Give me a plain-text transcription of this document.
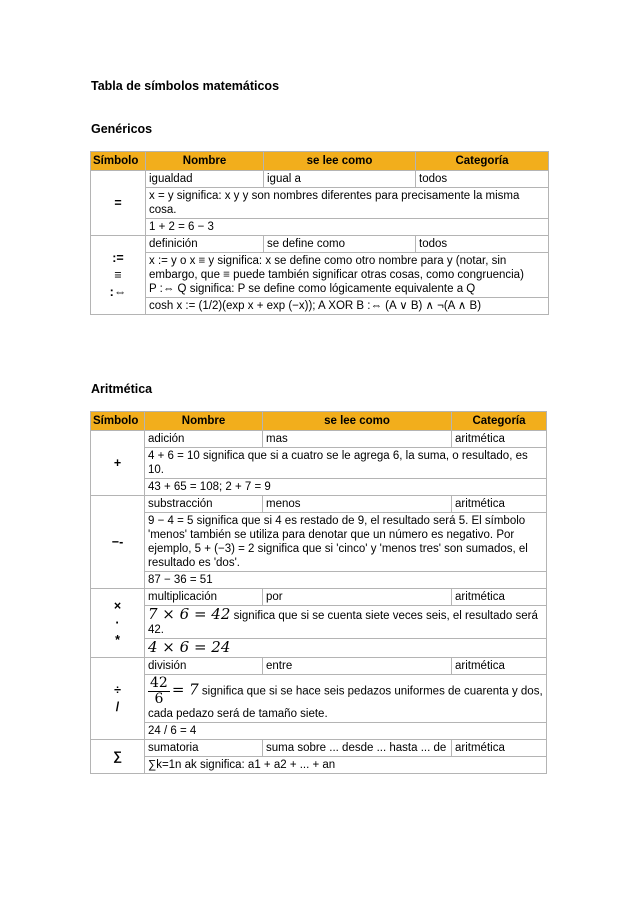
Tabla de símbolos matemáticos
Genéricos
Símbolo	Nombre	se lee como	Categoría
=	igualdad	igual a	todos
	x = y significa: x y y son nombres diferentes para precisamente la misma cosa.		
	1 + 2 = 6 − 3		

:=
≡
:⇔	definición	se define como	todos

	x := y o x ≡ y significa: x se define como otro nombre para y (notar, sin embargo, que ≡ puede también significar otras cosas, como congruencia)
P :⇔ Q significa: P se define como lógicamente equivalente a Q		

	cosh x := (1/2)(exp x + exp (−x)); A XOR B :⇔ (A ∨ B) ∧ ¬(A ∧ B)		
Aritmética
Símbolo	Nombre	se lee como	Categoría
+	adición	mas	aritmética
	4 + 6 = 10 significa que si a cuatro se le agrega 6, la suma, o resultado, es 10.		
	43 + 65 = 108; 2 + 7 = 9		
−-	substracción	menos	aritmética
	9 − 4 = 5 significa que si 4 es restado de 9, el resultado será 5. El símbolo 'menos' también se utiliza para denotar que un número es negativo. Por ejemplo, 5 + (−3) = 2 significa que si 'cinco' y 'menos tres' son sumados, el resultado es 'dos'.		
	87 − 36 = 51		

×
·
*	multiplicación	por	aritmética
	7 × 6 = 42 significa que si se cuenta siete veces seis, el resultado será 42.		
	4 × 6 = 24		

÷
/	división	entre	aritmética

	$\frac{42}{6} = 7$ significa que si se hace seis pedazos uniformes de cuarenta y dos, cada pedazo será de tamaño siete.		
	24 / 6 = 4		
∑	sumatoria	suma sobre ... desde ... hasta ... de	aritmética
	∑k=1n ak significa: a1 + a2 + ... + an		
